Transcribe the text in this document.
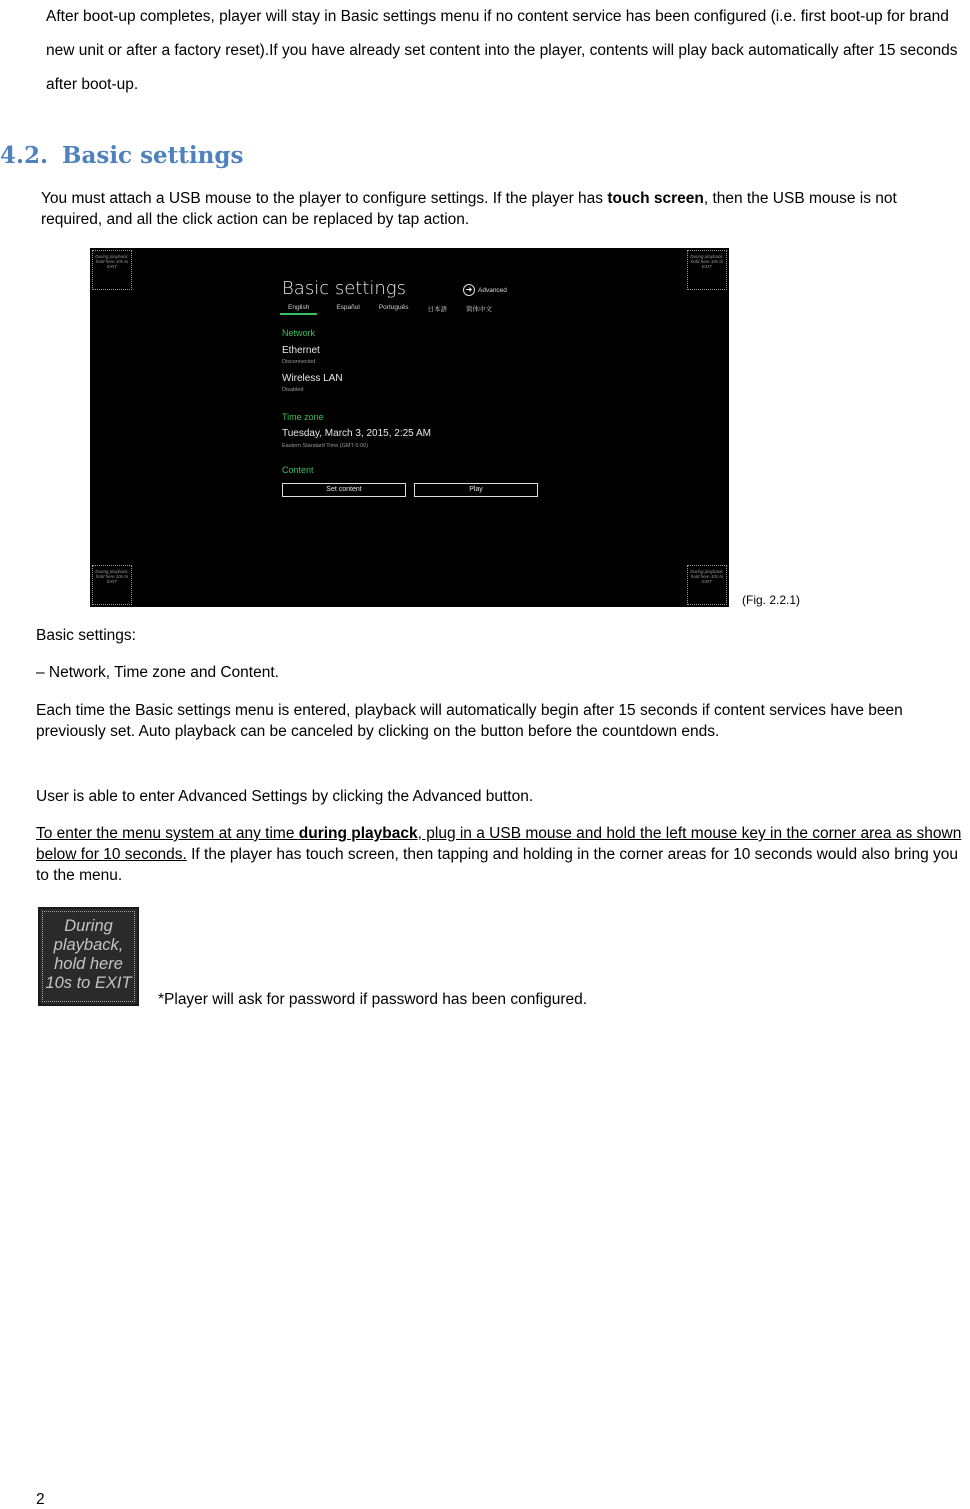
After boot-up completes, player will stay in Basic settings menu if no content service has been configured (i.e. first boot-up for brand new unit or after a factory reset).If you have already set content into the player, contents will play back automatically after 15 seconds after boot-up.
4.2. Basic settings
You must attach a USB mouse to the player to configure settings. If the player has touch screen, then the USB mouse is not required, and all the click action can be replaced by tap action.
During playback, hold here 10s to EXIT
During playback, hold here 10s to EXIT
During playback, hold here 10s to EXIT
During playback, hold here 10s to EXIT
Basic settings	➜ Advanced
English	Español	Português	日本語	简体中文
Network
Ethernet
Disconnected
Wireless LAN
Disabled
Time zone
Tuesday, March 3, 2015, 2:25 AM
Eastern Standard Time (GMT-5:00)
Content
Set content	Play
(Fig. 2.2.1)
Basic settings:
– Network, Time zone and Content.
Each time the Basic settings menu is entered, playback will automatically begin after 15 seconds if content services have been previously set. Auto playback can be canceled by clicking on the button before the countdown ends.
User is able to enter Advanced Settings by clicking the Advanced button.
To enter the menu system at any time during playback, plug in a USB mouse and hold the left mouse key in the corner area as shown below for 10 seconds. If the player has touch screen, then tapping and holding in the corner areas for 10 seconds would also bring you to the menu.
During playback, hold here 10s to EXIT
*Player will ask for password if password has been configured.
2
